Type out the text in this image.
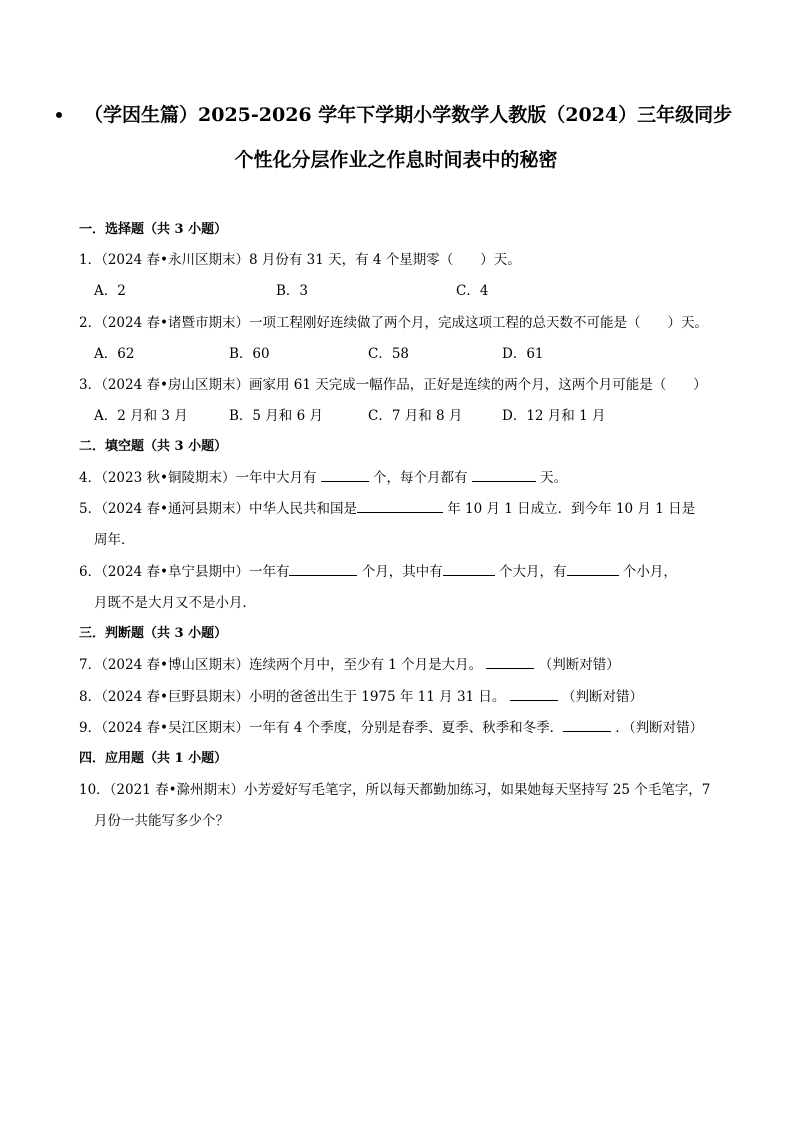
（学因生篇）2025-2026 学年下学期小学数学人教版（2024）三年级同步
个性化分层作业之作息时间表中的秘密
一．选择题（共 3 小题）
1．（2024 春•永川区期末）8 月份有 31 天，有 4 个星期零（　　）天。
A．2	B．3	C．4
2．（2024 春•诸暨市期末）一项工程刚好连续做了两个月，完成这项工程的总天数不可能是（　　）天。
A．62	B．60	C．58	D．61
3．（2024 春•房山区期末）画家用 61 天完成一幅作品，正好是连续的两个月，这两个月可能是（　　）
A．2 月和 3 月	B．5 月和 6 月	C．7 月和 8 月	D．12 月和 1 月
二．填空题（共 3 小题）
4．（2023 秋•铜陵期末）一年中大月有	个，每个月都有	天。
5．（2024 春•通河县期末）中华人民共和国是	年 10 月 1 日成立．到今年 10 月 1 日是
周年．
6．（2024 春•阜宁县期中）一年有	个月，其中有	个大月，有	个小月，
月既不是大月又不是小月．
三．判断题（共 3 小题）
7．（2024 春•博山区期末）连续两个月中，至少有 1 个月是大月。	（判断对错）
8．（2024 春•巨野县期末）小明的爸爸出生于 1975 年 11 月 31 日。	（判断对错）
9．（2024 春•吴江区期末）一年有 4 个季度，分别是春季、夏季、秋季和冬季．	．（判断对错）
四．应用题（共 1 小题）
10．（2021 春•滁州期末）小芳爱好写毛笔字，所以每天都勤加练习，如果她每天坚持写 25 个毛笔字，7
月份一共能写多少个？
